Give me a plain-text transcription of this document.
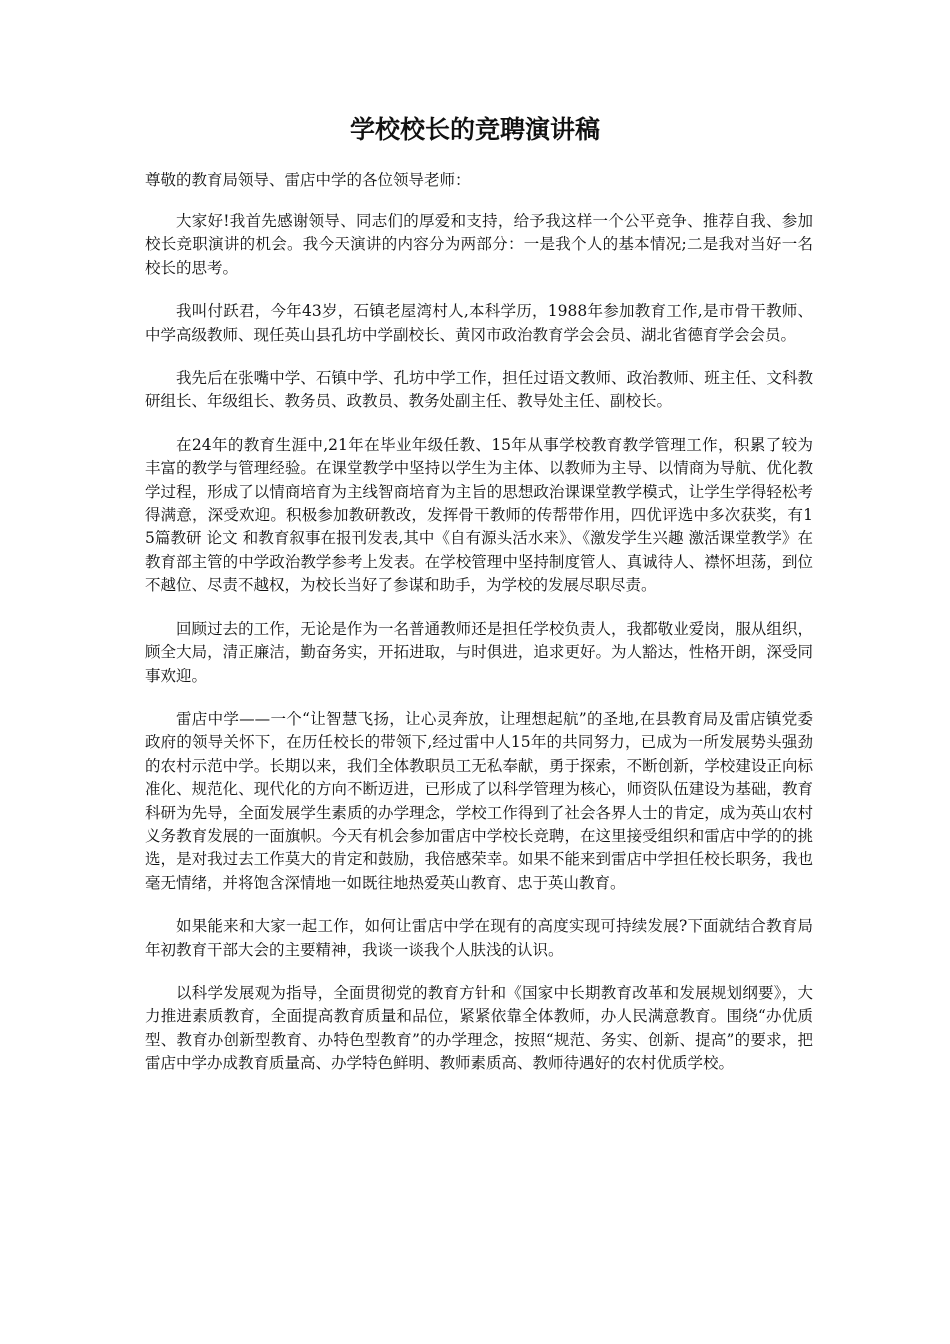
学校校长的竞聘演讲稿

尊敬的教育局领导、雷店中学的各位领导老师：

大家好!我首先感谢领导、同志们的厚爱和支持，给予我这样一个公平竞争、推荐自我、参加校长竞职演讲的机会。我今天演讲的内容分为两部分：一是我个人的基本情况;二是我对当好一名校长的思考。

我叫付跃君，今年43岁，石镇老屋湾村人,本科学历，1988年参加教育工作,是市骨干教师、中学高级教师、现任英山县孔坊中学副校长、黄冈市政治教育学会会员、湖北省德育学会会员。

我先后在张嘴中学、石镇中学、孔坊中学工作，担任过语文教师、政治教师、班主任、文科教研组长、年级组长、教务员、政教员、教务处副主任、教导处主任、副校长。

在24年的教育生涯中,21年在毕业年级任教、15年从事学校教育教学管理工作，积累了较为丰富的教学与管理经验。在课堂教学中坚持以学生为主体、以教师为主导、以情商为导航、优化教学过程，形成了以情商培育为主线智商培育为主旨的思想政治课课堂教学模式，让学生学得轻松考得满意，深受欢迎。积极参加教研教改，发挥骨干教师的传帮带作用，四优评选中多次获奖，有15篇教研 论文 和教育叙事在报刊发表,其中《自有源头活水来》、《激发学生兴趣 激活课堂教学》在教育部主管的中学政治教学参考上发表。在学校管理中坚持制度管人、真诚待人、襟怀坦荡，到位不越位、尽责不越权，为校长当好了参谋和助手，为学校的发展尽职尽责。

回顾过去的工作，无论是作为一名普通教师还是担任学校负责人，我都敬业爱岗，服从组织，顾全大局，清正廉洁，勤奋务实，开拓进取，与时俱进，追求更好。为人豁达，性格开朗，深受同事欢迎。

雷店中学——一个“让智慧飞扬，让心灵奔放，让理想起航”的圣地,在县教育局及雷店镇党委政府的领导关怀下，在历任校长的带领下,经过雷中人15年的共同努力，已成为一所发展势头强劲的农村示范中学。长期以来，我们全体教职员工无私奉献，勇于探索，不断创新，学校建设正向标准化、规范化、现代化的方向不断迈进，已形成了以科学管理为核心，师资队伍建设为基础，教育科研为先导，全面发展学生素质的办学理念，学校工作得到了社会各界人士的肯定，成为英山农村义务教育发展的一面旗帜。今天有机会参加雷店中学校长竞聘，在这里接受组织和雷店中学的的挑选，是对我过去工作莫大的肯定和鼓励，我倍感荣幸。如果不能来到雷店中学担任校长职务，我也毫无情绪，并将饱含深情地一如既往地热爱英山教育、忠于英山教育。

如果能来和大家一起工作，如何让雷店中学在现有的高度实现可持续发展?下面就结合教育局年初教育干部大会的主要精神，我谈一谈我个人肤浅的认识。

以科学发展观为指导，全面贯彻党的教育方针和《国家中长期教育改革和发展规划纲要》，大力推进素质教育，全面提高教育质量和品位，紧紧依靠全体教师，办人民满意教育。围绕“办优质型、教育办创新型教育、办特色型教育”的办学理念，按照“规范、务实、创新、提高”的要求，把雷店中学办成教育质量高、办学特色鲜明、教师素质高、教师待遇好的农村优质学校。
